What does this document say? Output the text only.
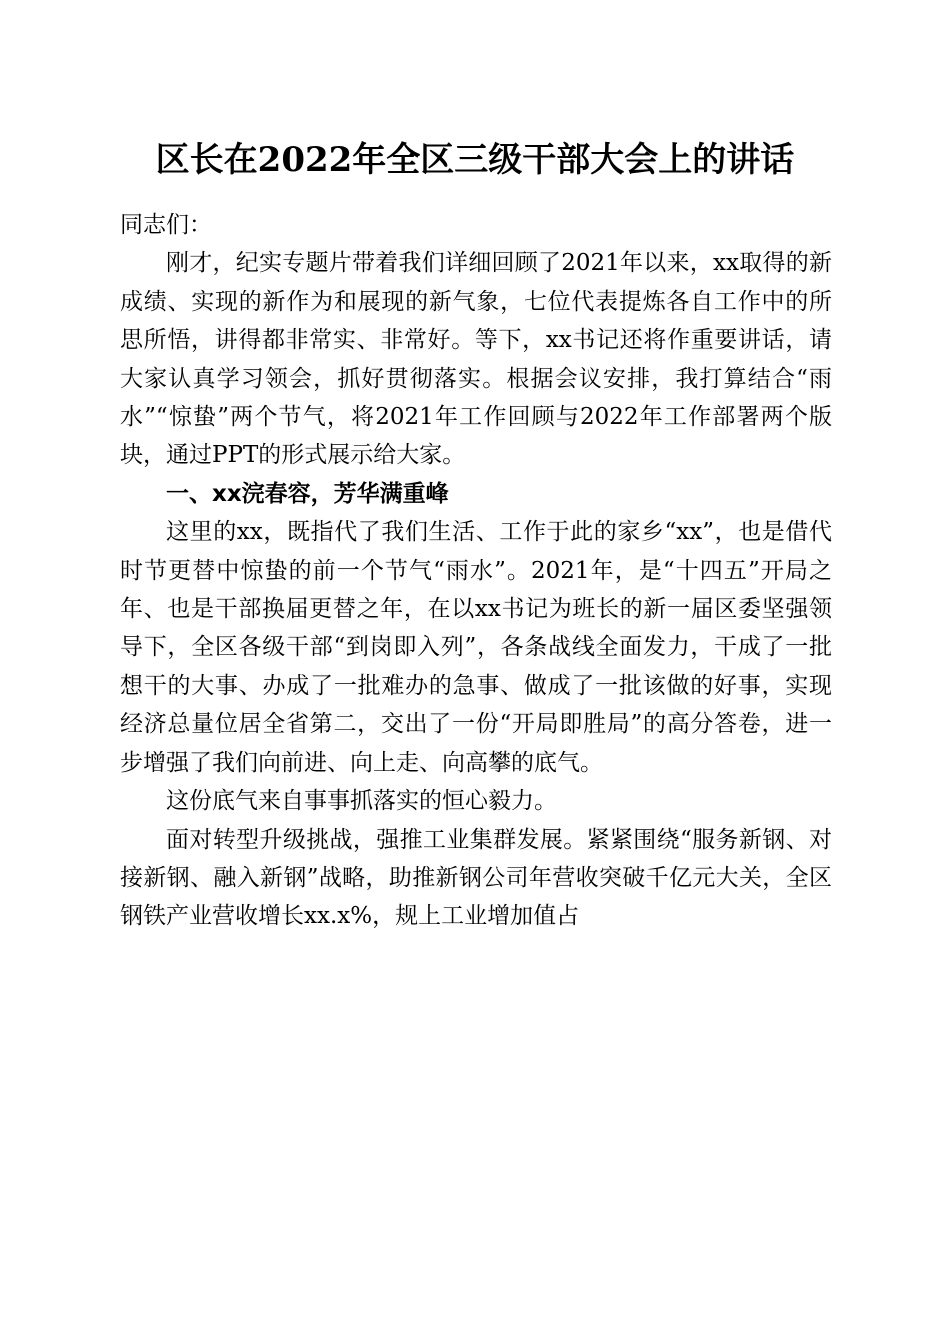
区长在2022年全区三级干部大会上的讲话

同志们：

刚才，纪实专题片带着我们详细回顾了2021年以来，xx取得的新成绩、实现的新作为和展现的新气象，七位代表提炼各自工作中的所思所悟，讲得都非常实、非常好。等下，xx书记还将作重要讲话，请大家认真学习领会，抓好贯彻落实。根据会议安排，我打算结合“雨水”“惊蛰”两个节气，将2021年工作回顾与2022年工作部署两个版块，通过PPT的形式展示给大家。

一、xx浣春容，芳华满重峰

这里的xx，既指代了我们生活、工作于此的家乡“xx”，也是借代时节更替中惊蛰的前一个节气“雨水”。2021年，是“十四五”开局之年、也是干部换届更替之年，在以xx书记为班长的新一届区委坚强领导下，全区各级干部“到岗即入列”，各条战线全面发力，干成了一批想干的大事、办成了一批难办的急事、做成了一批该做的好事，实现经济总量位居全省第二，交出了一份“开局即胜局”的高分答卷，进一步增强了我们向前进、向上走、向高攀的底气。

这份底气来自事事抓落实的恒心毅力。

面对转型升级挑战，强推工业集群发展。紧紧围绕“服务新钢、对接新钢、融入新钢”战略，助推新钢公司年营收突破千亿元大关，全区钢铁产业营收增长xx.x%，规上工业增加值占
